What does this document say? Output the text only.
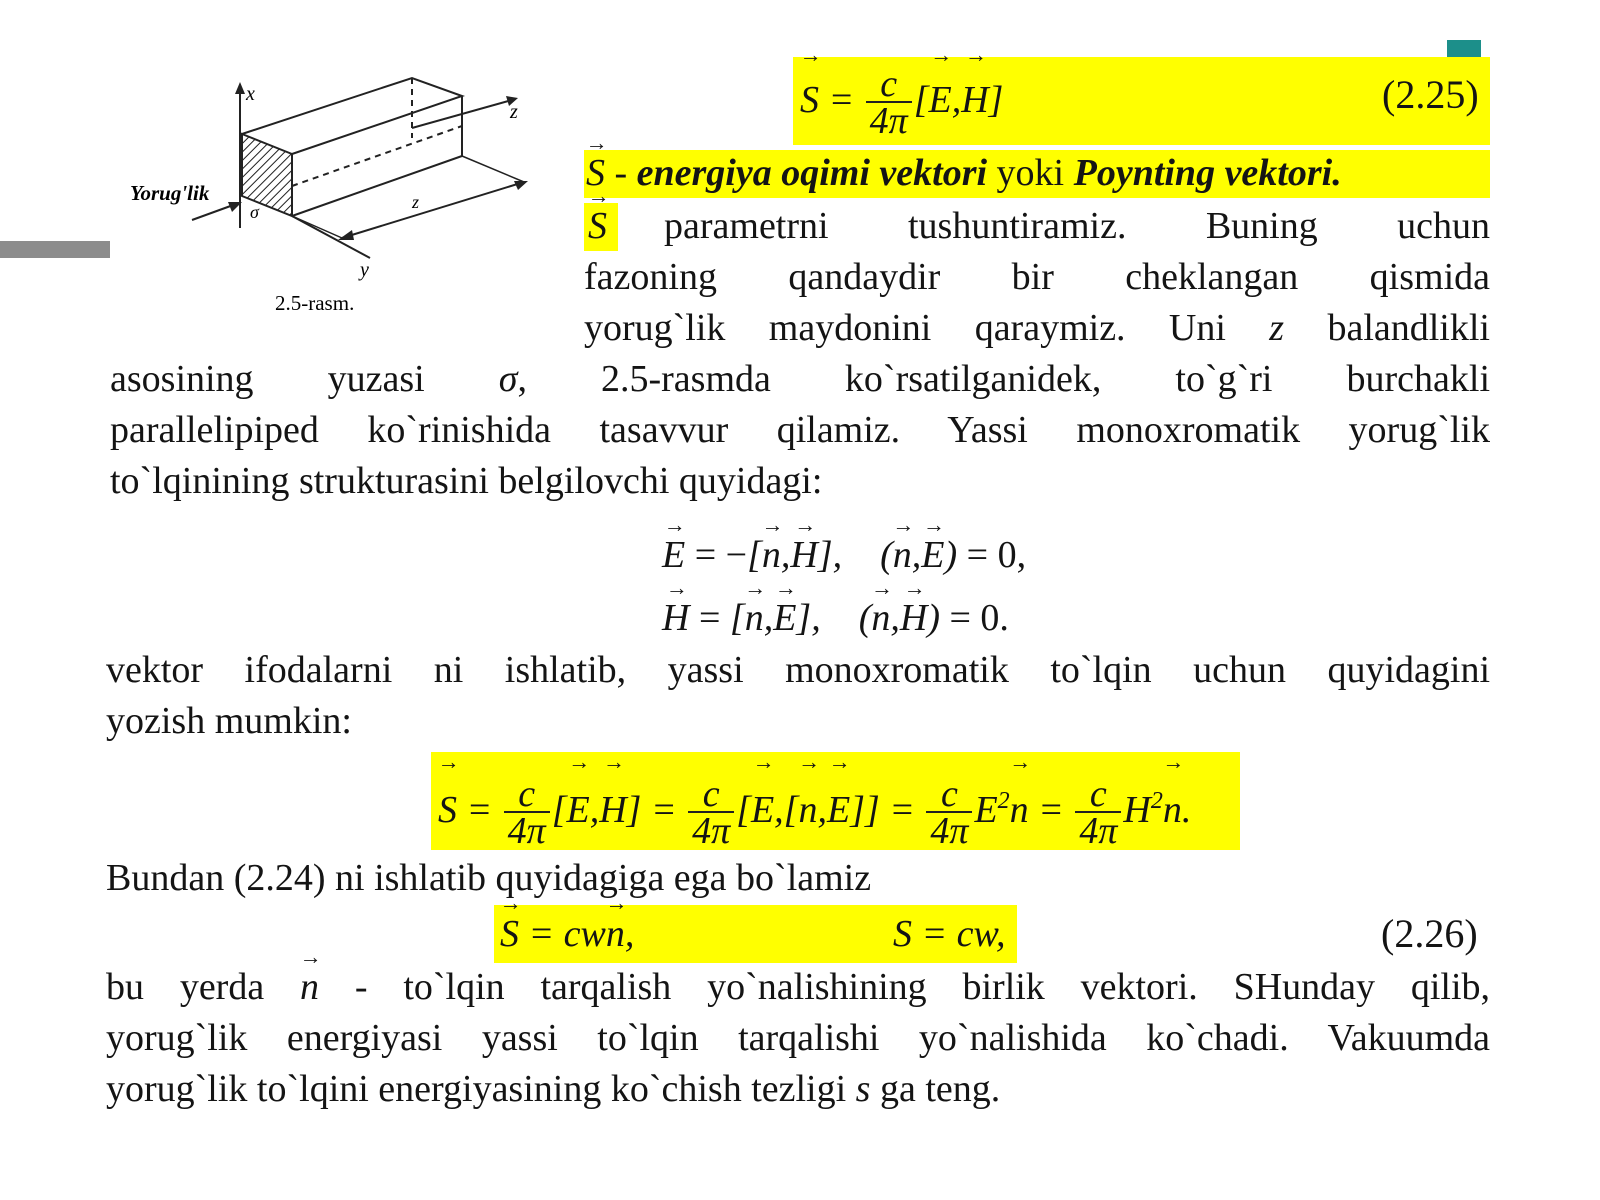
x
z
z
y
σ
Yorug'lik
2.5-rasm.
→ $S = \frac{c}{4\pi}$ [→ E,→ H]	(2.25)
→ S - energiya oqimi vektori yoki Poynting vektori.
→ S parametrni tushuntiramiz. Buning uchun
fazoning qandaydir bir cheklangan qismida
yorug`lik maydonini qaraymiz. Uni z balandlikli
asosining yuzasi σ, 2.5-rasmda ko`rsatilganidek, to`g`ri burchakli
parallelipiped ko`rinishida tasavvur qilamiz. Yassi monoxromatik yorug`lik
to`lqinining strukturasini belgilovchi quyidagi:
→ E = −[→ n,→ H],    (→ n,→ E) = 0,
→ H = [→ n,→ E],    (→ n,→ H) = 0.
vektor ifodalarni ni ishlatib, yassi monoxromatik to`lqin uchun quyidagini
yozish mumkin:
→ $S = \frac{c}{4\pi}$ [→ $E,\to H] = \frac{c}{4\pi}$ [→ $E,[\to n,\to E]] = \frac{c}{4\pi} E^2\to n = \frac{c}{4\pi} H^2\to n$.
Bundan (2.24) ni ishlatib quyidagiga ega bo`lamiz
→ S = cw→ n,	S = cw,	(2.26)
bu yerda → n - to`lqin tarqalish yo`nalishining birlik vektori. SHunday qilib,
yorug`lik energiyasi yassi to`lqin tarqalishi yo`nalishida ko`chadi. Vakuumda
yorug`lik to`lqini energiyasining ko`chish tezligi s ga teng.
